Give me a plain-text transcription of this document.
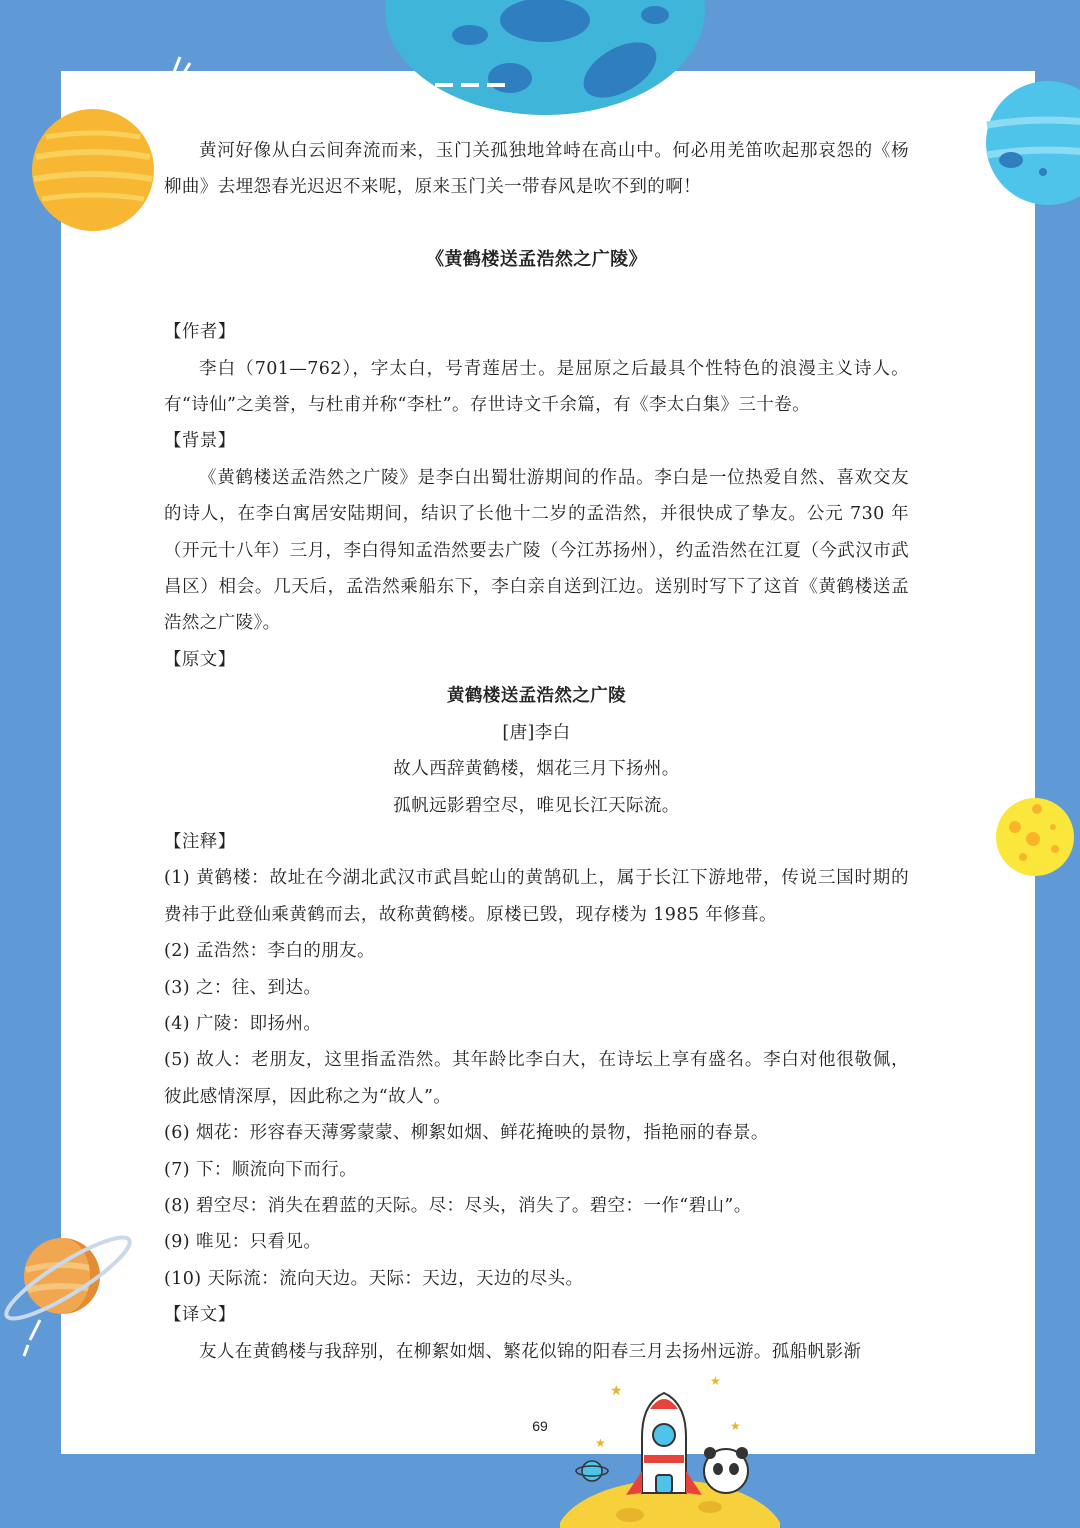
★
★
★
★

黄河好像从白云间奔流而来，玉门关孤独地耸峙在高山中。何必用羌笛吹起那哀怨的《杨柳曲》去埋怨春光迟迟不来呢，原来玉门关一带春风是吹不到的啊！

《黄鹤楼送孟浩然之广陵》

【作者】

李白（701—762），字太白，号青莲居士。是屈原之后最具个性特色的浪漫主义诗人。有“诗仙”之美誉，与杜甫并称“李杜”。存世诗文千余篇，有《李太白集》三十卷。

【背景】

《黄鹤楼送孟浩然之广陵》是李白出蜀壮游期间的作品。李白是一位热爱自然、喜欢交友的诗人，在李白寓居安陆期间，结识了长他十二岁的孟浩然，并很快成了挚友。公元 730 年（开元十八年）三月，李白得知孟浩然要去广陵（今江苏扬州），约孟浩然在江夏（今武汉市武昌区）相会。几天后，孟浩然乘船东下，李白亲自送到江边。送别时写下了这首《黄鹤楼送孟浩然之广陵》。

【原文】

黄鹤楼送孟浩然之广陵

[唐]李白

故人西辞黄鹤楼，烟花三月下扬州。

孤帆远影碧空尽，唯见长江天际流。

【注释】

(1) 黄鹤楼：故址在今湖北武汉市武昌蛇山的黄鹄矶上，属于长江下游地带，传说三国时期的费祎于此登仙乘黄鹤而去，故称黄鹤楼。原楼已毁，现存楼为 1985 年修葺。

(2) 孟浩然：李白的朋友。

(3) 之：往、到达。

(4) 广陵：即扬州。

(5) 故人：老朋友，这里指孟浩然。其年龄比李白大，在诗坛上享有盛名。李白对他很敬佩，彼此感情深厚，因此称之为“故人”。

(6) 烟花：形容春天薄雾蒙蒙、柳絮如烟、鲜花掩映的景物，指艳丽的春景。

(7) 下：顺流向下而行。

(8) 碧空尽：消失在碧蓝的天际。尽：尽头，消失了。碧空：一作“碧山”。

(9) 唯见：只看见。

(10) 天际流：流向天边。天际：天边，天边的尽头。

【译文】

友人在黄鹤楼与我辞别，在柳絮如烟、繁花似锦的阳春三月去扬州远游。孤船帆影渐

69
